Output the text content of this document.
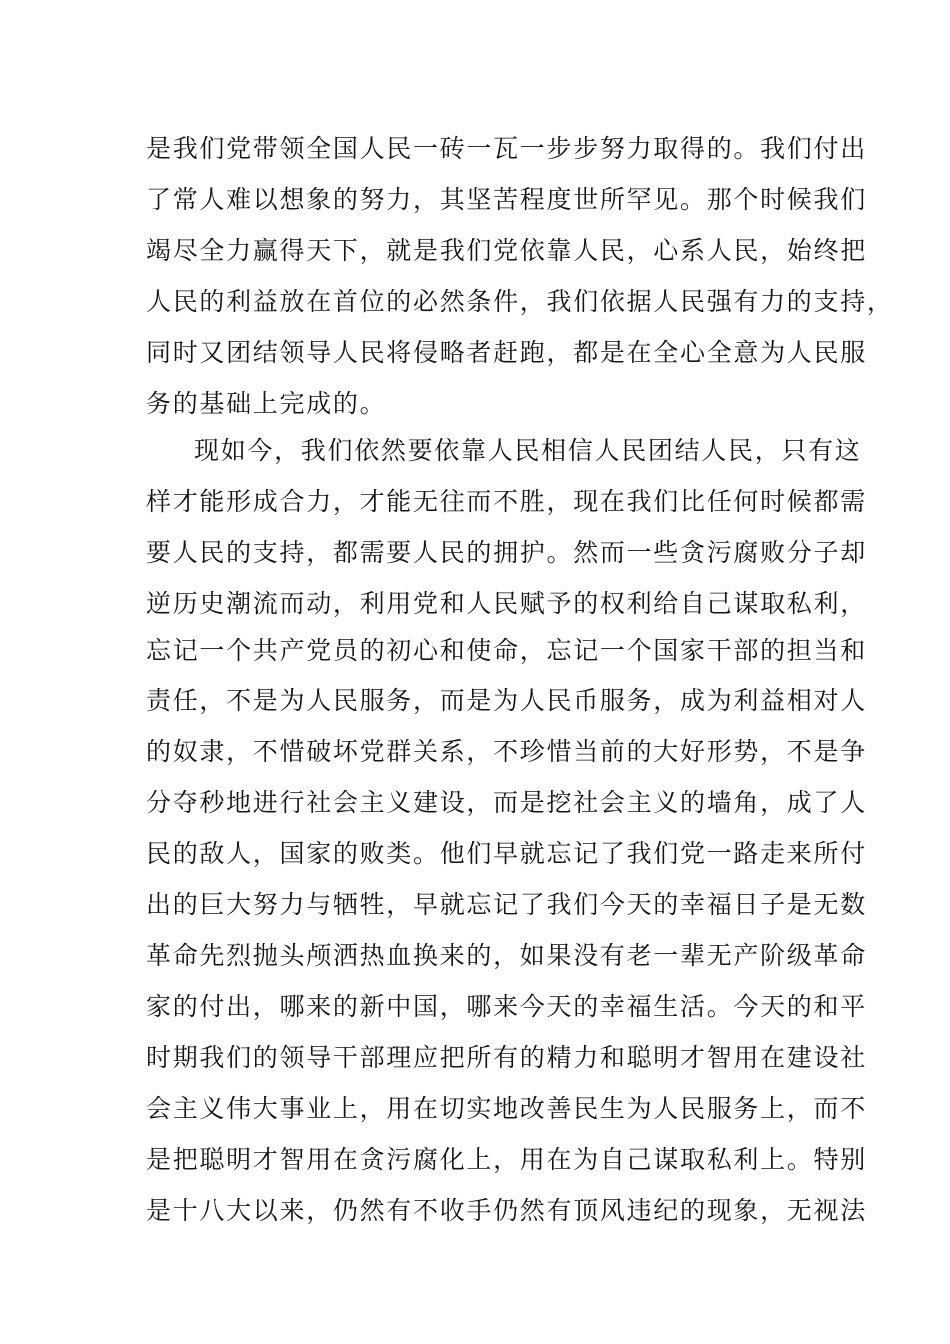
是我们党带领全国人民一砖一瓦一步步努力取得的。我们付出
了常人难以想象的努力，其坚苦程度世所罕见。那个时候我们
竭尽全力赢得天下，就是我们党依靠人民，心系人民，始终把
人民的利益放在首位的必然条件，我们依据人民强有力的支持，
同时又团结领导人民将侵略者赶跑，都是在全心全意为人民服
务的基础上完成的。
现如今，我们依然要依靠人民相信人民团结人民，只有这
样才能形成合力，才能无往而不胜，现在我们比任何时候都需
要人民的支持，都需要人民的拥护。然而一些贪污腐败分子却
逆历史潮流而动，利用党和人民赋予的权利给自己谋取私利，
忘记一个共产党员的初心和使命，忘记一个国家干部的担当和
责任，不是为人民服务，而是为人民币服务，成为利益相对人
的奴隶，不惜破坏党群关系，不珍惜当前的大好形势，不是争
分夺秒地进行社会主义建设，而是挖社会主义的墙角，成了人
民的敌人，国家的败类。他们早就忘记了我们党一路走来所付
出的巨大努力与牺牲，早就忘记了我们今天的幸福日子是无数
革命先烈抛头颅洒热血换来的，如果没有老一辈无产阶级革命
家的付出，哪来的新中国，哪来今天的幸福生活。今天的和平
时期我们的领导干部理应把所有的精力和聪明才智用在建设社
会主义伟大事业上，用在切实地改善民生为人民服务上，而不
是把聪明才智用在贪污腐化上，用在为自己谋取私利上。特别
是十八大以来，仍然有不收手仍然有顶风违纪的现象，无视法
